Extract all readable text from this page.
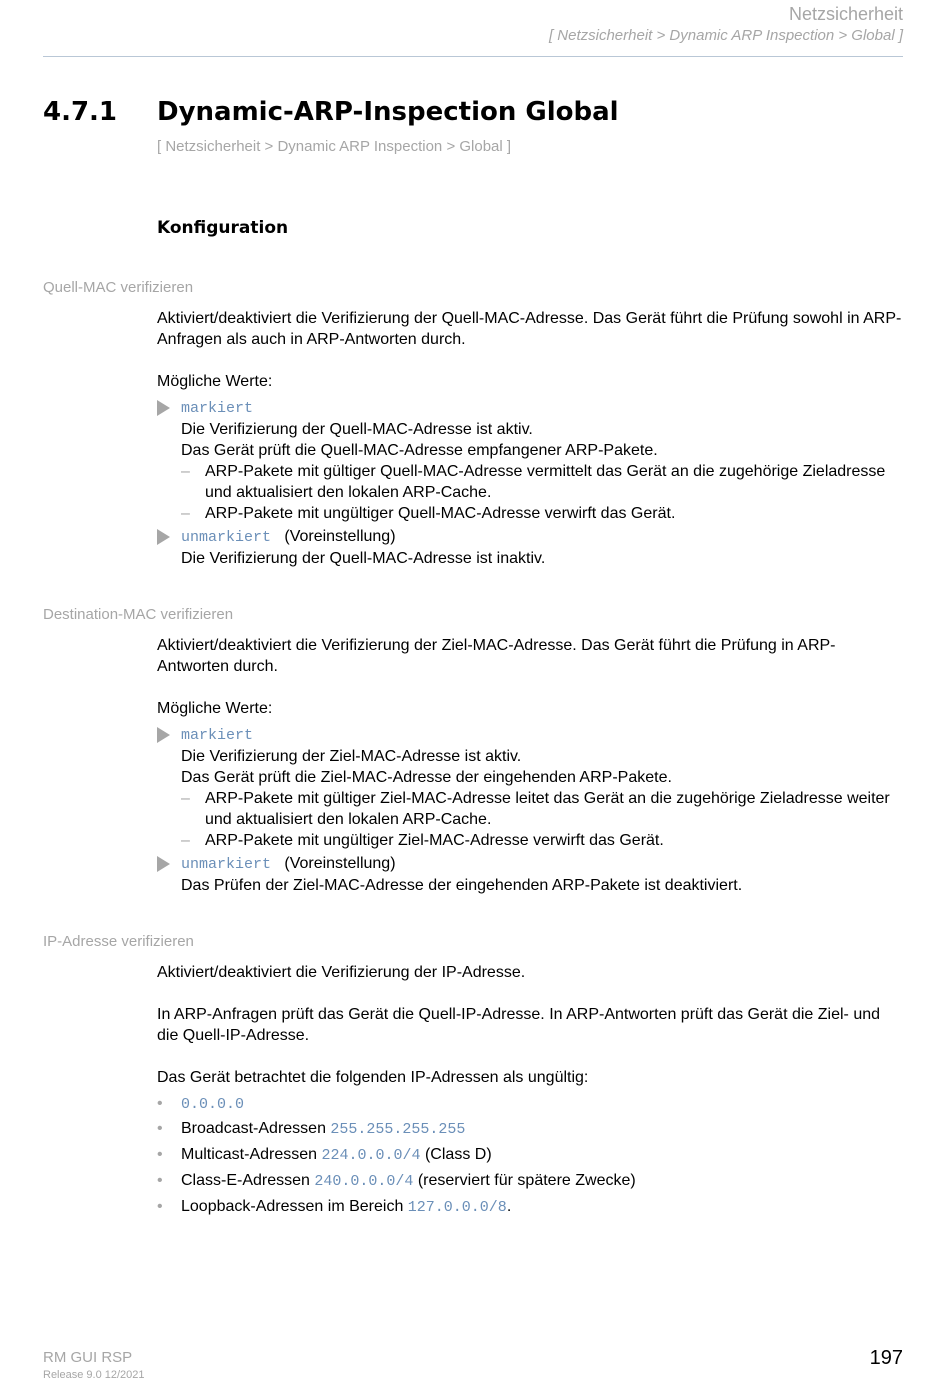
Netzsicherheit
[ Netzsicherheit > Dynamic ARP Inspection > Global ]
4.7.1 Dynamic-ARP-Inspection Global
[ Netzsicherheit > Dynamic ARP Inspection > Global ]
Konfiguration
Quell-MAC verifizieren

Aktiviert/deaktiviert die Verifizierung der Quell-MAC-Adresse. Das Gerät führt die Prüfung sowohl in ARP-Anfragen als auch in ARP-Antworten durch.

Mögliche Werte:
markiert
Die Verifizierung der Quell-MAC-Adresse ist aktiv.
Das Gerät prüft die Quell-MAC-Adresse empfangener ARP-Pakete.
– ARP-Pakete mit gültiger Quell-MAC-Adresse vermittelt das Gerät an die zugehörige Zieladresse und aktualisiert den lokalen ARP-Cache.
– ARP-Pakete mit ungültiger Quell-MAC-Adresse verwirft das Gerät.
unmarkiert (Voreinstellung)
Die Verifizierung der Quell-MAC-Adresse ist inaktiv.
Destination-MAC verifizieren

Aktiviert/deaktiviert die Verifizierung der Ziel-MAC-Adresse. Das Gerät führt die Prüfung in ARP-Antworten durch.

Mögliche Werte:
markiert
Die Verifizierung der Ziel-MAC-Adresse ist aktiv.
Das Gerät prüft die Ziel-MAC-Adresse der eingehenden ARP-Pakete.
– ARP-Pakete mit gültiger Ziel-MAC-Adresse leitet das Gerät an die zugehörige Zieladresse weiter und aktualisiert den lokalen ARP-Cache.
– ARP-Pakete mit ungültiger Ziel-MAC-Adresse verwirft das Gerät.
unmarkiert (Voreinstellung)
Das Prüfen der Ziel-MAC-Adresse der eingehenden ARP-Pakete ist deaktiviert.
IP-Adresse verifizieren
Aktiviert/deaktiviert die Verifizierung der IP-Adresse.
In ARP-Anfragen prüft das Gerät die Quell-IP-Adresse. In ARP-Antworten prüft das Gerät die Ziel- und die Quell-IP-Adresse.
Das Gerät betrachtet die folgenden IP-Adressen als ungültig:
• 0.0.0.0
• Broadcast-Adressen 255.255.255.255
• Multicast-Adressen 224.0.0.0/4 (Class D)
• Class-E-Adressen 240.0.0.0/4 (reserviert für spätere Zwecke)
• Loopback-Adressen im Bereich 127.0.0.0/8.
RM GUI RSP
Release 9.0 12/2021
197
